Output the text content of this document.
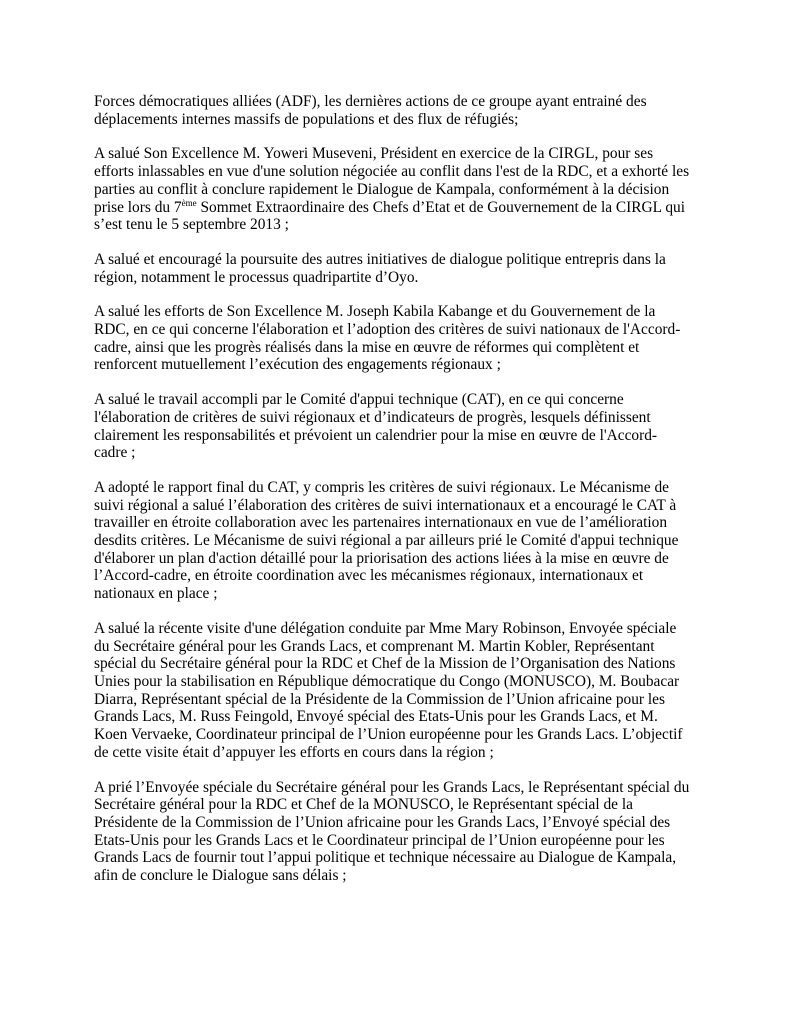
Forces démocratiques alliées (ADF), les dernières actions de ce groupe ayant entrainé des
déplacements internes massifs de populations et des flux de réfugiés;

A salué Son Excellence M. Yoweri Museveni, Président en exercice de la CIRGL, pour ses
efforts inlassables en vue d'une solution négociée au conflit dans l'est de la RDC, et a exhorté les
parties au conflit à conclure rapidement le Dialogue de Kampala, conformément à la décision
prise lors du 7ème Sommet Extraordinaire des Chefs d’Etat et de Gouvernement de la CIRGL qui
s’est tenu le 5 septembre 2013 ;

A salué et encouragé la poursuite des autres initiatives de dialogue politique entrepris dans la
région, notamment le processus quadripartite d’Oyo.

A salué les efforts de Son Excellence M. Joseph Kabila Kabange et du Gouvernement de la
RDC, en ce qui concerne l'élaboration et l’adoption des critères de suivi nationaux de l'Accord-
cadre, ainsi que les progrès réalisés dans la mise en œuvre de réformes qui complètent et
renforcent mutuellement l’exécution des engagements régionaux ;

A salué le travail accompli par le Comité d'appui technique (CAT), en ce qui concerne
l'élaboration de critères de suivi régionaux et d’indicateurs de progrès, lesquels définissent
clairement les responsabilités et prévoient un calendrier pour la mise en œuvre de l'Accord-
cadre ;

A adopté le rapport final du CAT, y compris les critères de suivi régionaux. Le Mécanisme de
suivi régional a salué l’élaboration des critères de suivi internationaux et a encouragé le CAT à
travailler en étroite collaboration avec les partenaires internationaux en vue de l’amélioration
desdits critères. Le Mécanisme de suivi régional a par ailleurs prié le Comité d'appui technique
d'élaborer un plan d'action détaillé pour la priorisation des actions liées à la mise en œuvre de
l’Accord-cadre, en étroite coordination avec les mécanismes régionaux, internationaux et
nationaux en place ;

A salué la récente visite d'une délégation conduite par Mme Mary Robinson, Envoyée spéciale
du Secrétaire général pour les Grands Lacs, et comprenant M. Martin Kobler, Représentant
spécial du Secrétaire général pour la RDC et Chef de la Mission de l’Organisation des Nations
Unies pour la stabilisation en République démocratique du Congo (MONUSCO), M. Boubacar
Diarra, Représentant spécial de la Présidente de la Commission de l’Union africaine pour les
Grands Lacs, M. Russ Feingold, Envoyé spécial des Etats-Unis pour les Grands Lacs, et M.
Koen Vervaeke, Coordinateur principal de l’Union européenne pour les Grands Lacs. L’objectif
de cette visite était d’appuyer les efforts en cours dans la région ;

A prié l’Envoyée spéciale du Secrétaire général pour les Grands Lacs, le Représentant spécial du
Secrétaire général pour la RDC et Chef de la MONUSCO, le Représentant spécial de la
Présidente de la Commission de l’Union africaine pour les Grands Lacs, l’Envoyé spécial des
Etats-Unis pour les Grands Lacs et le Coordinateur principal de l’Union européenne pour les
Grands Lacs de fournir tout l’appui politique et technique nécessaire au Dialogue de Kampala,
afin de conclure le Dialogue sans délais ;
